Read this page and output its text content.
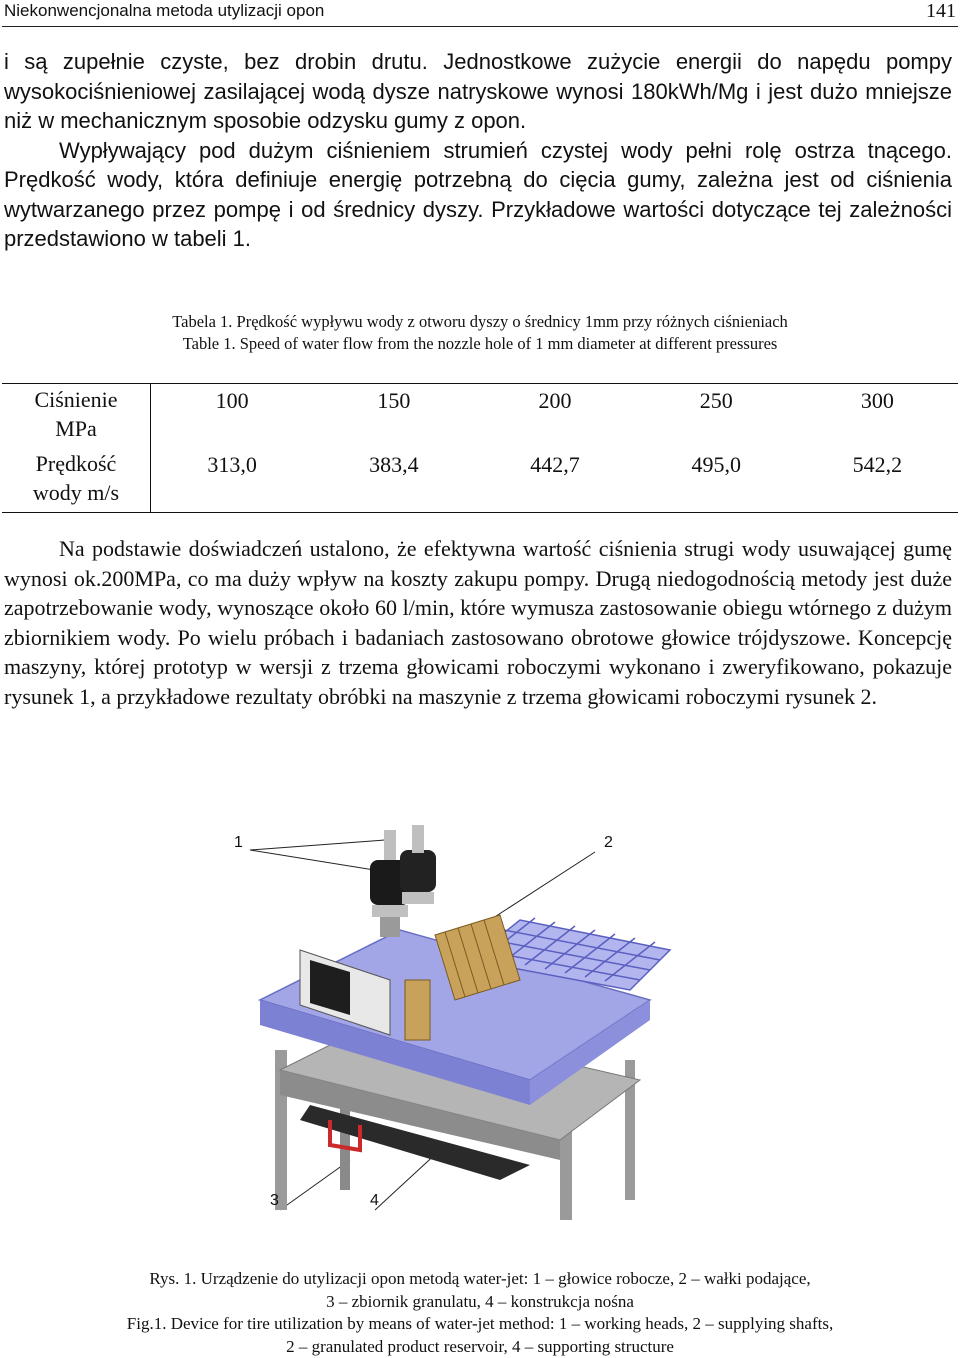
Niekonwencjonalna metoda utylizacji opon	141

i są zupełnie czyste, bez drobin drutu. Jednostkowe zużycie energii do napędu pompy wysokociśnieniowej zasilającej wodą dysze natryskowe wynosi 180kWh/Mg i jest dużo mniejsze niż w mechanicznym sposobie odzysku gumy z opon.

Wypływający pod dużym ciśnieniem strumień czystej wody pełni rolę ostrza tnącego. Prędkość wody, która definiuje energię potrzebną do cięcia gumy, zależna jest od ciśnienia wytwarzanego przez pompę i od średnicy dyszy. Przykładowe wartości dotyczące tej zależności przedstawiono w tabeli 1.

Tabela 1. Prędkość wypływu wody z otworu dyszy o średnicy 1mm przy różnych ciśnieniach
Table 1. Speed of water flow from the nozzle hole of 1 mm diameter at different pressures
Ciśnienie
MPa	100	150	200	250	300

Prędkość
wody m/s	313,0	383,4	442,7	495,0	542,2

Na podstawie doświadczeń ustalono, że efektywna wartość ciśnienia strugi wody usuwającej gumę wynosi ok.200MPa, co ma duży wpływ na koszty zakupu pompy. Drugą niedogodnością metody jest duże zapotrzebowanie wody, wynoszące około 60 l/min, które wymusza zastosowanie obiegu wtórnego z dużym zbiornikiem wody. Po wielu próbach i badaniach zastosowano obrotowe głowice trójdyszowe. Koncepcję maszyny, której prototyp w wersji z trzema głowicami roboczymi wykonano i zweryfikowano, pokazuje rysunek 1, a przykładowe rezultaty obróbki na maszynie z trzema głowicami roboczymi rysunek 2.

1	2
3	4
Rys. 1. Urządzenie do utylizacji opon metodą water-jet: 1 – głowice robocze, 2 – wałki podające,
3 – zbiornik granulatu, 4 – konstrukcja nośna
Fig.1. Device for tire utilization by means of water-jet method: 1 – working heads, 2 – supplying shafts,
2 – granulated product reservoir, 4 – supporting structure
